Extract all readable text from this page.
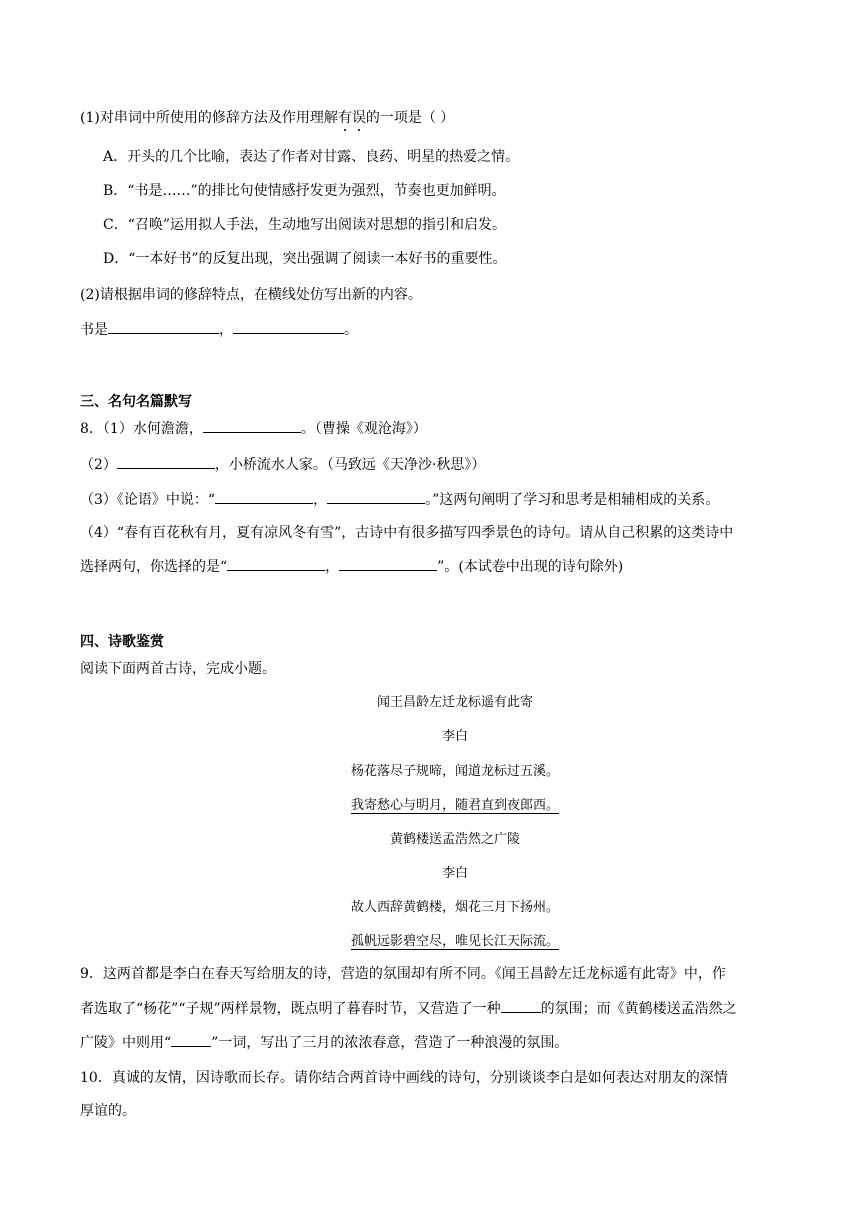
(1)对串词中所使用的修辞方法及作用理解有误的一项是（ ）
A．开头的几个比喻，表达了作者对甘露、良药、明星的热爱之情。
B．“书是……”的排比句使情感抒发更为强烈，节奏也更加鲜明。
C．“召唤”运用拟人手法，生动地写出阅读对思想的指引和启发。
D．“一本好书”的反复出现，突出强调了阅读一本好书的重要性。
(2)请根据串词的修辞特点，在横线处仿写出新的内容。
书是	，	。
三、名句名篇默写
8．（1）水何澹澹，	。（曹操《观沧海》）
（2）	，小桥流水人家。（马致远《天净沙·秋思》）
（3）《论语》中说：“	，	。”这两句阐明了学习和思考是相辅相成的关系。
（4）“春有百花秋有月，夏有凉风冬有雪”，古诗中有很多描写四季景色的诗句。请从自己积累的这类诗中
选择两句，你选择的是“	，	”。(本试卷中出现的诗句除外)
四、诗歌鉴赏
阅读下面两首古诗，完成小题。
闻王昌龄左迁龙标遥有此寄
李白
杨花落尽子规啼，闻道龙标过五溪。
我寄愁心与明月，随君直到夜郎西。
黄鹤楼送孟浩然之广陵
李白
故人西辞黄鹤楼，烟花三月下扬州。
孤帆远影碧空尽，唯见长江天际流。
9．这两首都是李白在春天写给朋友的诗，营造的氛围却有所不同。《闻王昌龄左迁龙标遥有此寄》中，作
者选取了“杨花”“子规”两样景物，既点明了暮春时节，又营造了一种	的氛围；而《黄鹤楼送孟浩然之
广陵》中则用“	”一词，写出了三月的浓浓春意，营造了一种浪漫的氛围。
10．真诚的友情，因诗歌而长存。请你结合两首诗中画线的诗句，分别谈谈李白是如何表达对朋友的深情
厚谊的。
